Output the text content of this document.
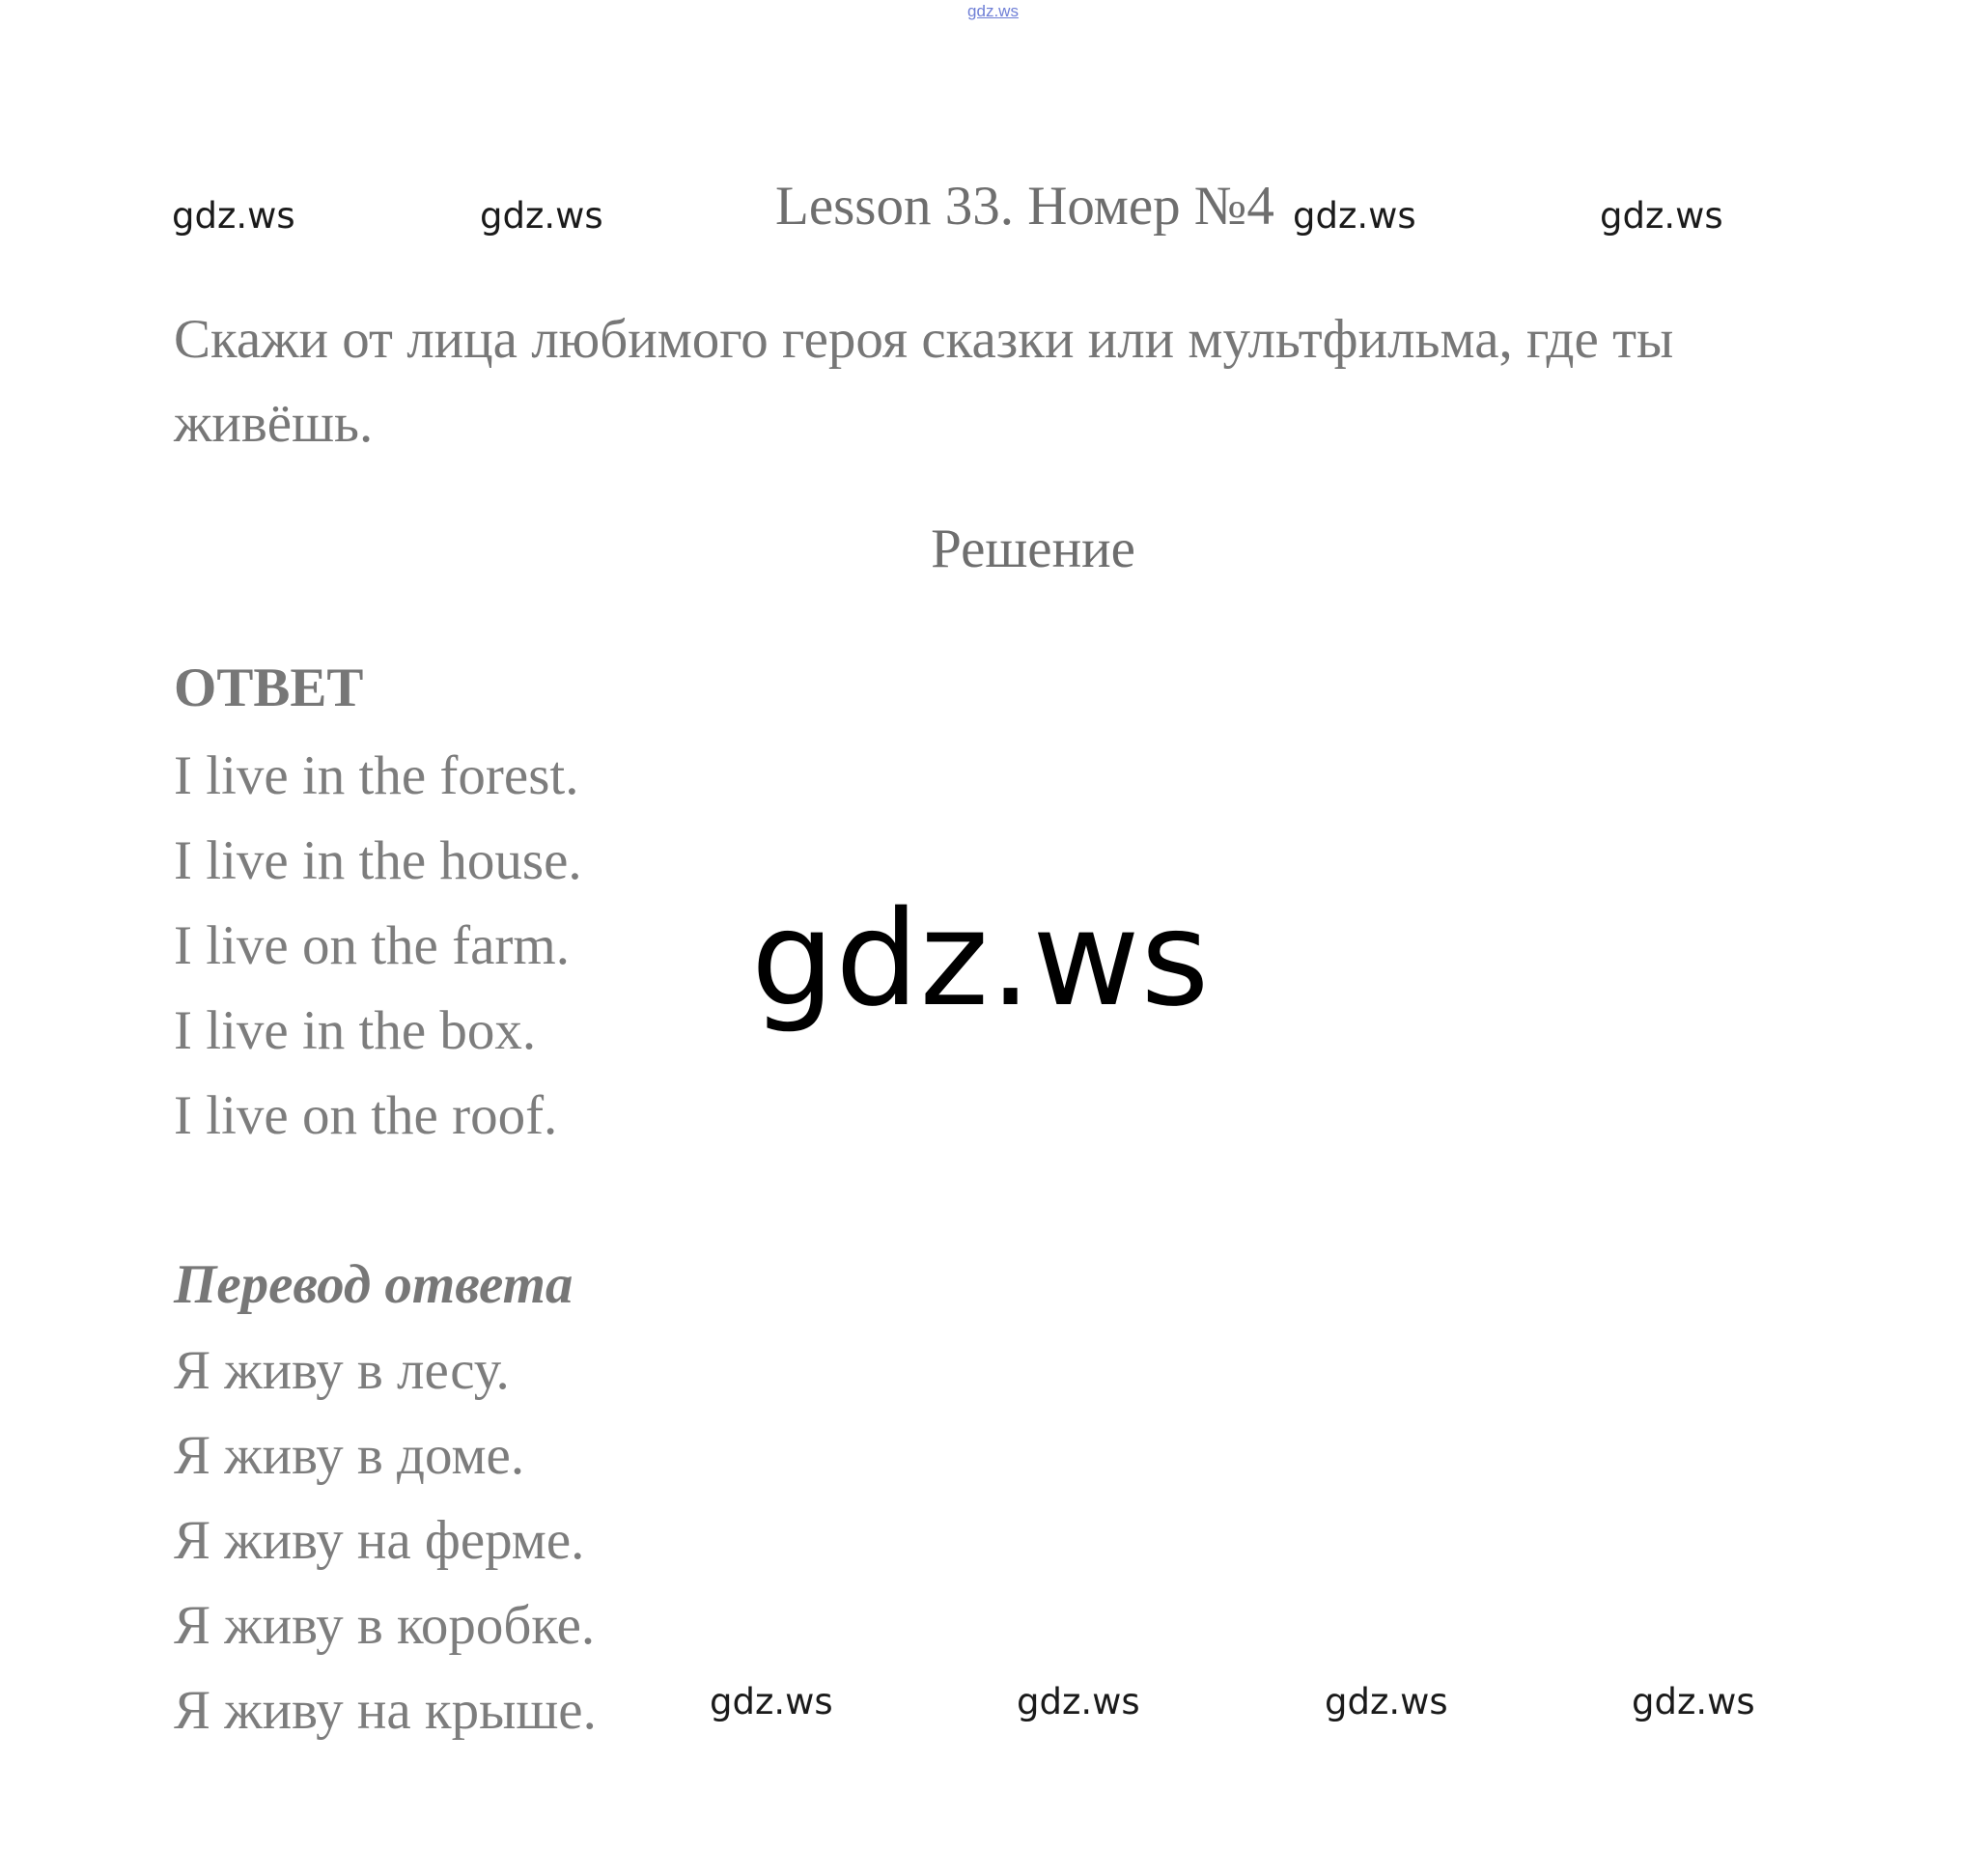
gdz.ws
gdz.ws	gdz.ws	gdz.ws	gdz.ws
Lesson 33. Номер №4
Скажи от лица любимого героя сказки или мультфильма, где ты живёшь.
Решение
ОТВЕТ
I live in the forest.
I live in the house.
I live on the farm.
I live in the box.
I live on the roof.
gdz.ws
Перевод ответа
Я живу в лесу.
Я живу в доме.
Я живу на ферме.
Я живу в коробке.
Я живу на крыше.	gdz.ws	gdz.ws	gdz.ws	gdz.ws
